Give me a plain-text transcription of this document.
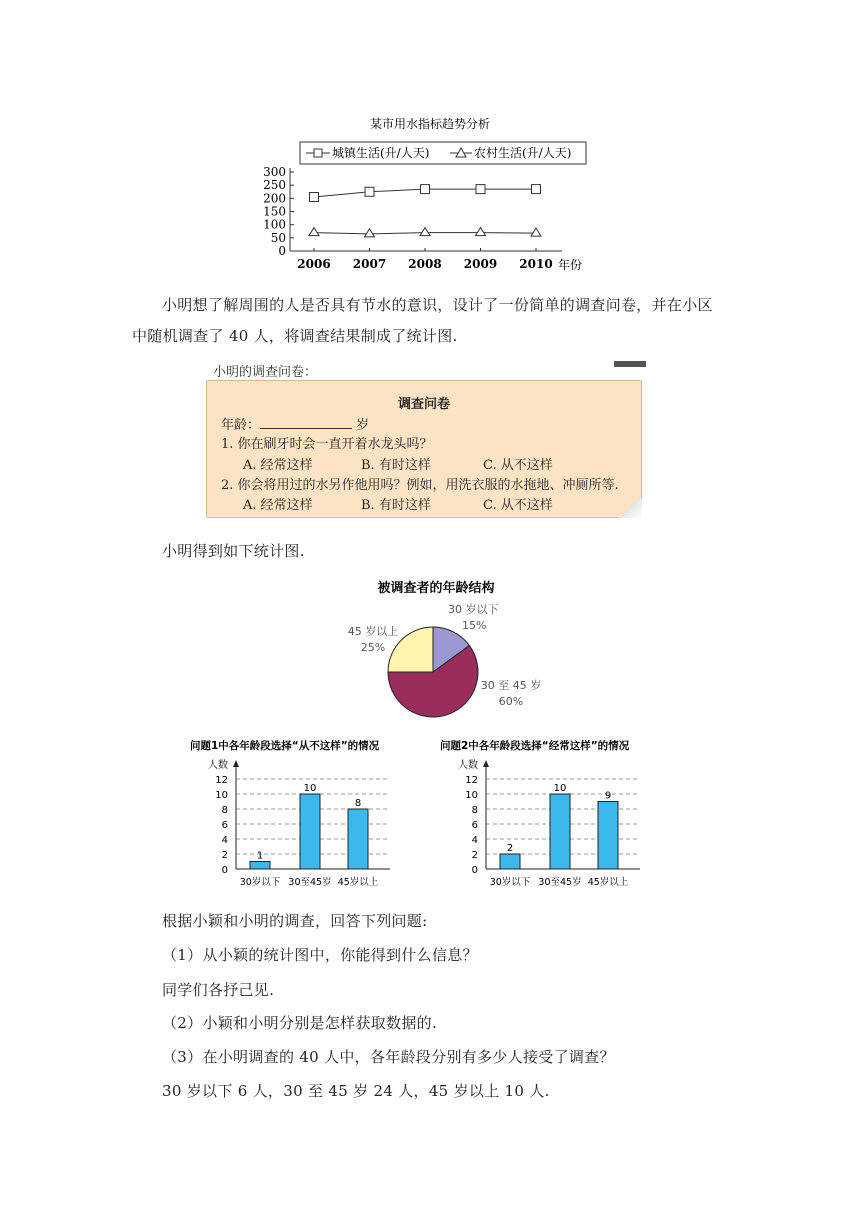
某市用水指标趋势分析
城镇生活(升/人天)	农村生活(升/人天)
0
50
100
150
200
250
300
2006 2007 2008 2009 2010 年份
小明想了解周围的人是否具有节水的意识，设计了一份简单的调查问卷，并在小区
中随机调查了 40 人，将调查结果制成了统计图.
小明的调查问卷：
调查问卷
年龄：	岁
1. 你在刷牙时会一直开着水龙头吗？
A. 经常这样	B. 有时这样	C. 从不这样
2. 你会将用过的水另作他用吗？例如，用洗衣服的水拖地、冲厕所等.
A. 经常这样	B. 有时这样	C. 从不这样
小明得到如下统计图.
被调查者的年龄结构
30 岁以下
15%
30 至 45 岁
60%
45 岁以上
25%
问题1中各年龄段选择“从不这样”的情况
人数
0
2
4
6
8
10
12
1
30岁以下
10
30至45岁
8
45岁以上
问题2中各年龄段选择“经常这样”的情况
人数
0
2
4
6
8
10
12
2
30岁以下
10
30至45岁
9
45岁以上
根据小颖和小明的调查，回答下列问题:
（1）从小颖的统计图中，你能得到什么信息？
同学们各抒己见.
（2）小颖和小明分别是怎样获取数据的.
（3）在小明调查的 40 人中，各年龄段分别有多少人接受了调查？
30 岁以下 6 人，30 至 45 岁 24 人，45 岁以上 10 人.
